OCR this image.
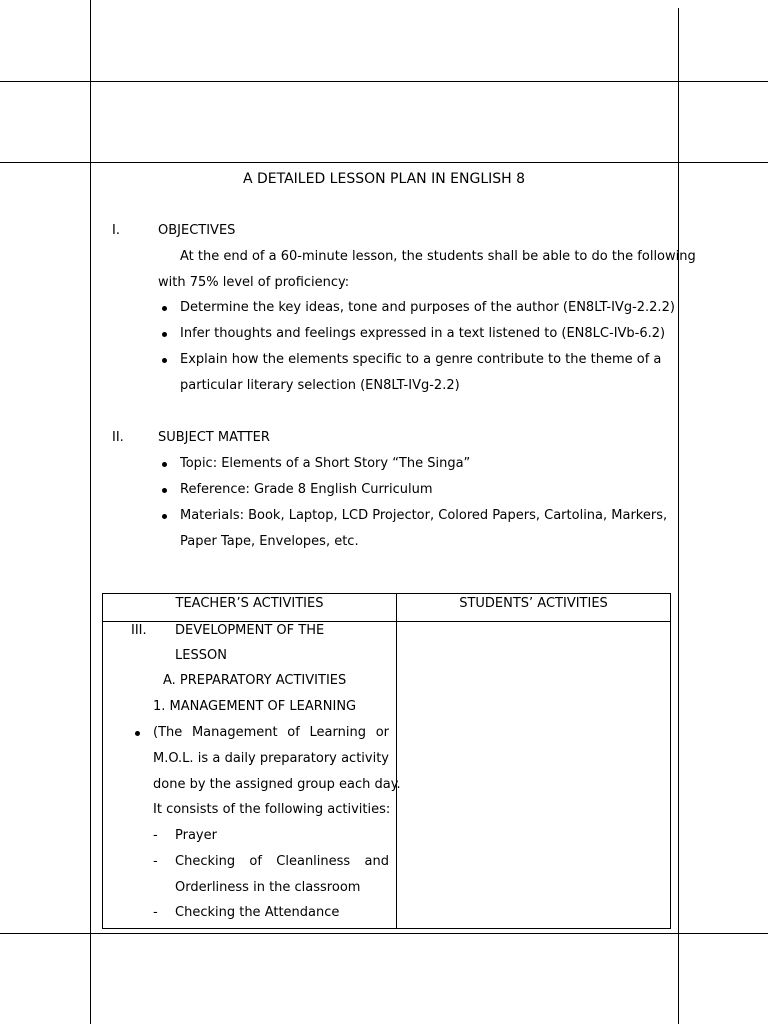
A DETAILED LESSON PLAN IN ENGLISH 8
I.	OBJECTIVES
At the end of a 60-minute lesson, the students shall be able to do the following
with 75% level of proficiency:
Determine the key ideas, tone and purposes of the author (EN8LT-IVg-2.2.2)
Infer thoughts and feelings expressed in a text listened to (EN8LC-IVb-6.2)
Explain how the elements specific to a genre contribute to the theme of a
particular literary selection (EN8LT-IVg-2.2)
II.	SUBJECT MATTER
Topic: Elements of a Short Story “The Singa”
Reference: Grade 8 English Curriculum
Materials: Book, Laptop, LCD Projector, Colored Papers, Cartolina, Markers,
Paper Tape, Envelopes, etc.
TEACHER’S ACTIVITIES	STUDENTS’ ACTIVITIES
III. DEVELOPMENT OF THE
LESSON
A. PREPARATORY ACTIVITIES
1. MANAGEMENT OF LEARNING
(The Management of Learning or
M.O.L. is a daily preparatory activity
done by the assigned group each day.
It consists of the following activities:
- Prayer
- Checking of Cleanliness and
Orderliness in the classroom
- Checking the Attendance
